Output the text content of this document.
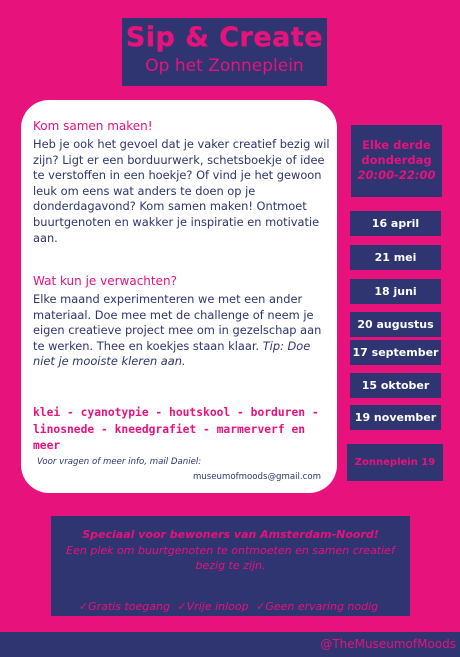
Sip & Create
Op het Zonneplein
Kom samen maken!
Heb je ook het gevoel dat je vaker creatief bezig wil zijn? Ligt er een borduurwerk, schetsboekje of idee te verstoffen in een hoekje? Of vind je het gewoon leuk om eens wat anders te doen op je donderdagavond? Kom samen maken! Ontmoet buurtgenoten en wakker je inspiratie en motivatie aan.
Wat kun je verwachten?
Elke maand experimenteren we met een ander materiaal. Doe mee met de challenge of neem je eigen creatieve project mee om in gezelschap aan te werken. Thee en koekjes staan klaar. Tip: Doe niet je mooiste kleren aan.
klei - cyanotypie - houtskool - borduren - linosnede - kneedgrafiet - marmerverf en meer
Voor vragen of meer info, mail Daniel:
museumofmoods@gmail.com
Elke derde
donderdag
20:00-22:00
16 april
21 mei
18 juni
20 augustus
17 september
15 oktober
19 november
Zonneplein 19
Speciaal voor bewoners van Amsterdam-Noord!
Een plek om buurtgenoten te ontmoeten en samen creatief bezig te zijn.
✓Gratis toegang ✓Vrije inloop ✓Geen ervaring nodig
@TheMuseumofMoods
